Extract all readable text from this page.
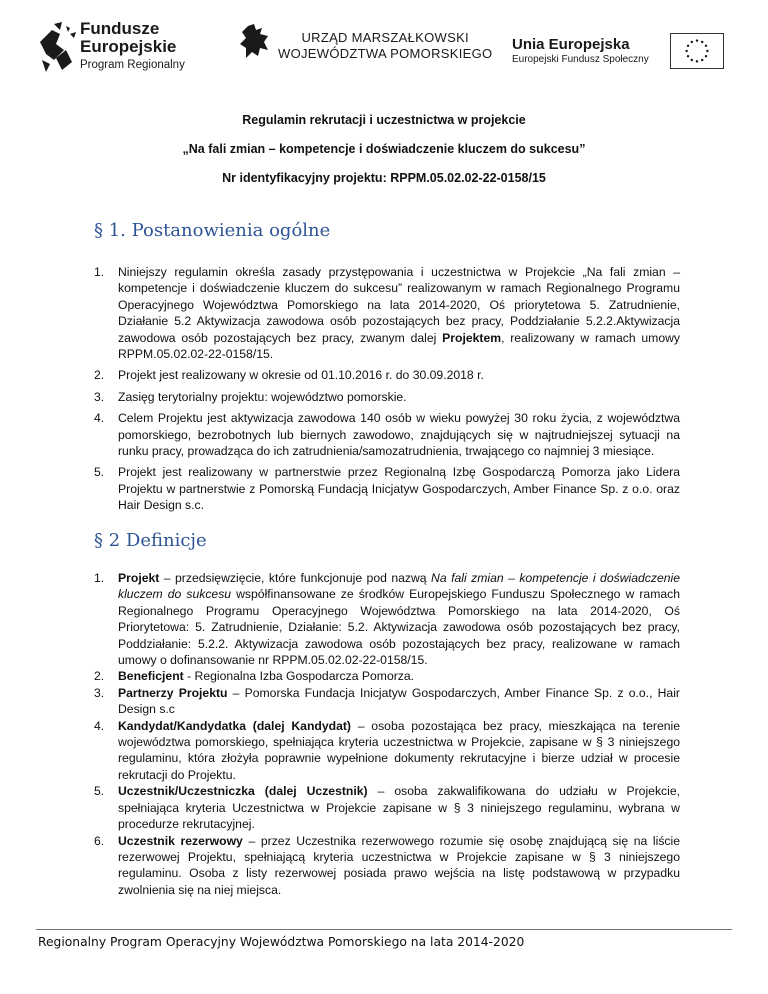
Fundusze
Europejskie
Program Regionalny
URZĄD MARSZAŁKOWSKI
WOJEWÓDZTWA POMORSKIEGO
Unia Europejska
Europejski Fundusz Społeczny
Regulamin rekrutacji i uczestnictwa w projekcie
„Na fali zmian – kompetencje i doświadczenie kluczem do sukcesu”
Nr identyfikacyjny projektu: RPPM.05.02.02-22-0158/15
§ 1. Postanowienia ogólne
1. Niniejszy regulamin określa zasady przystępowania i uczestnictwa w Projekcie „Na fali zmian – kompetencje i doświadczenie kluczem do sukcesu” realizowanym w ramach Regionalnego Programu Operacyjnego Województwa Pomorskiego na lata 2014-2020, Oś priorytetowa 5. Zatrudnienie, Działanie 5.2 Aktywizacja zawodowa osób pozostających bez pracy, Poddziałanie 5.2.2.Aktywizacja zawodowa osób pozostających bez pracy, zwanym dalej Projektem, realizowany w ramach umowy RPPM.05.02.02-22-0158/15.
2. Projekt jest realizowany w okresie od 01.10.2016 r. do 30.09.2018 r.
3. Zasięg terytorialny projektu: województwo pomorskie.
4. Celem Projektu jest aktywizacja zawodowa 140 osób w wieku powyżej 30 roku życia, z województwa pomorskiego, bezrobotnych lub biernych zawodowo, znajdujących się w najtrudniejszej sytuacji na runku pracy, prowadząca do ich zatrudnienia/samozatrudnienia, trwającego co najmniej 3 miesiące.
5. Projekt jest realizowany w partnerstwie przez Regionalną Izbę Gospodarczą Pomorza jako Lidera Projektu w partnerstwie z Pomorską Fundacją Inicjatyw Gospodarczych, Amber Finance Sp. z o.o. oraz Hair Design s.c.
§ 2 Definicje
1. Projekt – przedsięwzięcie, które funkcjonuje pod nazwą Na fali zmian – kompetencje i doświadczenie kluczem do sukcesu współfinansowane ze środków Europejskiego Funduszu Społecznego w ramach Regionalnego Programu Operacyjnego Województwa Pomorskiego na lata 2014-2020, Oś Priorytetowa: 5. Zatrudnienie, Działanie: 5.2. Aktywizacja zawodowa osób pozostających bez pracy, Poddziałanie: 5.2.2. Aktywizacja zawodowa osób pozostających bez pracy, realizowane w ramach umowy o dofinansowanie nr RPPM.05.02.02-22-0158/15.
2. Beneficjent - Regionalna Izba Gospodarcza Pomorza.
3. Partnerzy Projektu – Pomorska Fundacja Inicjatyw Gospodarczych, Amber Finance Sp. z o.o., Hair Design s.c
4. Kandydat/Kandydatka (dalej Kandydat) – osoba pozostająca bez pracy, mieszkająca na terenie województwa pomorskiego, spełniająca kryteria uczestnictwa w Projekcie, zapisane w § 3 niniejszego regulaminu, która złożyła poprawnie wypełnione dokumenty rekrutacyjne i bierze udział w procesie rekrutacji do Projektu.
5. Uczestnik/Uczestniczka (dalej Uczestnik) – osoba zakwalifikowana do udziału w Projekcie, spełniająca kryteria Uczestnictwa w Projekcie zapisane w § 3 niniejszego regulaminu, wybrana w procedurze rekrutacyjnej.
6. Uczestnik rezerwowy – przez Uczestnika rezerwowego rozumie się osobę znajdującą się na liście rezerwowej Projektu, spełniającą kryteria uczestnictwa w Projekcie zapisane w § 3 niniejszego regulaminu. Osoba z listy rezerwowej posiada prawo wejścia na listę podstawową w przypadku zwolnienia się na niej miejsca.
Regionalny Program Operacyjny Województwa Pomorskiego na lata 2014-2020
